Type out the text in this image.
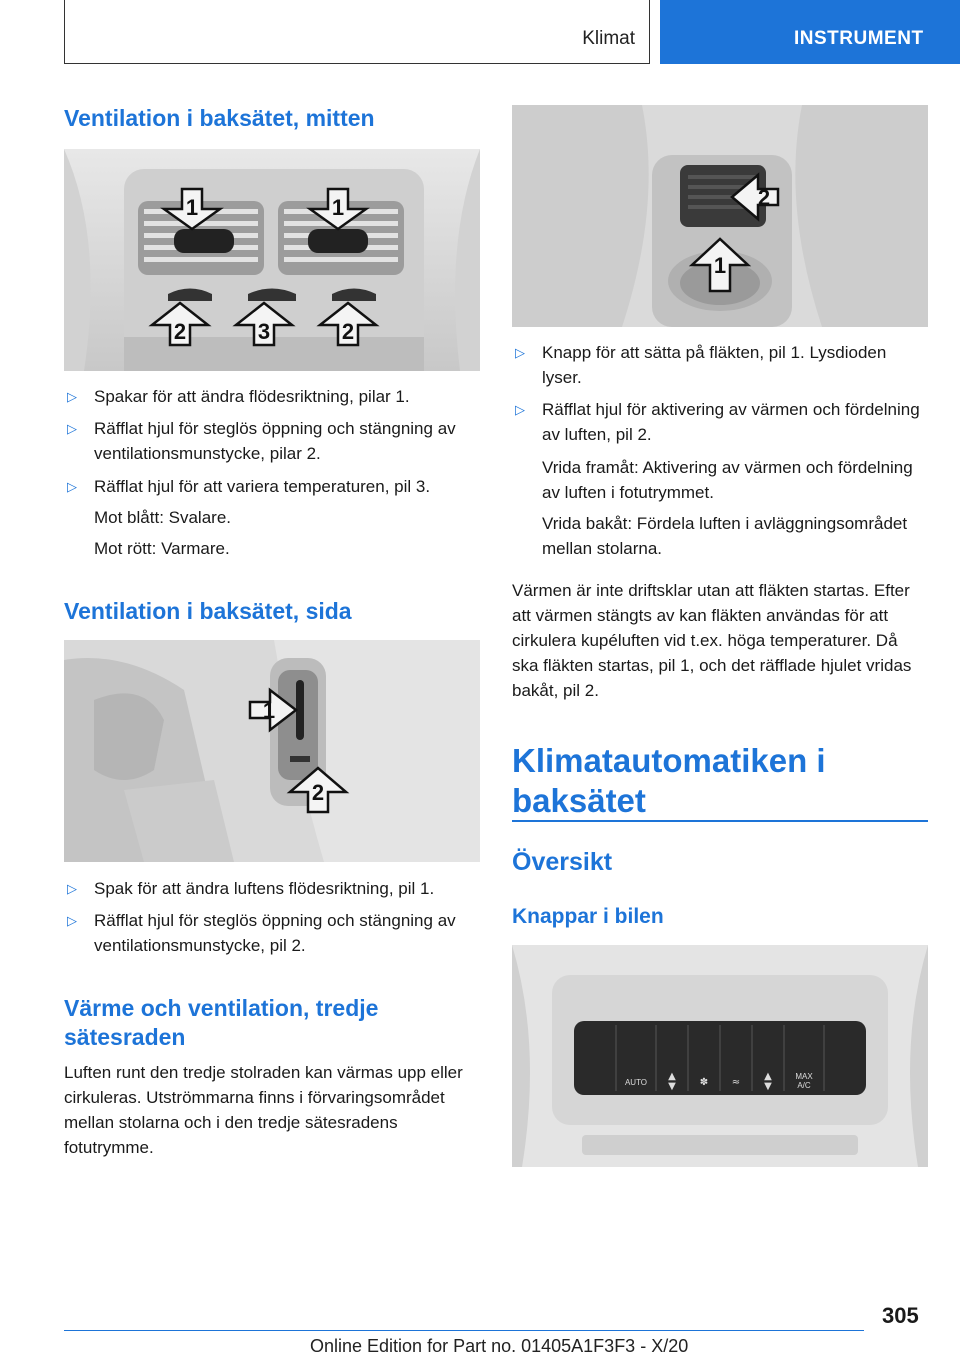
Klimat	INSTRUMENT
Ventilation i baksätet, mitten
1	1
2	3	2
▷ Spakar för att ändra flödesriktning, pilar 1.
▷ Räfflat hjul för steglös öppning och stängning av ventilationsmunstycke, pilar 2.
▷ Räfflat hjul för att variera temperaturen, pil 3.
Mot blått: Svalare.
Mot rött: Varmare.
Ventilation i baksätet, sida
1
2
▷ Spak för att ändra luftens flödesriktning, pil 1.
▷ Räfflat hjul för steglös öppning och stängning av ventilationsmunstycke, pil 2.
Värme och ventilation, tredje sätesraden
Luften runt den tredje stolraden kan värmas upp eller cirkuleras. Utströmmarna finns i förvaringsområdet mellan stolarna och i den tredje sätesradens fotutrymme.
2
1
▷ Knapp för att sätta på fläkten, pil 1. Lysdioden lyser.
▷ Räfflat hjul för aktivering av värmen och fördelning av luften, pil 2.
Vrida framåt: Aktivering av värmen och fördelning av luften i fotutrymmet.
Vrida bakåt: Fördela luften i avläggningsområdet mellan stolarna.
Värmen är inte driftsklar utan att fläkten startas. Efter att värmen stängts av kan fläkten användas för att cirkulera kupéluften vid t.ex. höga temperaturer. Då ska fläkten startas, pil 1, och det räfflade hjulet vridas bakåt, pil 2.
Klimatautomatiken i baksätet
Översikt
Knappar i bilen
AUTO
MAX
A/C
▲
▼
▲
▼
✽ ≈
305
Online Edition for Part no. 01405A1F3F3 - X/20
